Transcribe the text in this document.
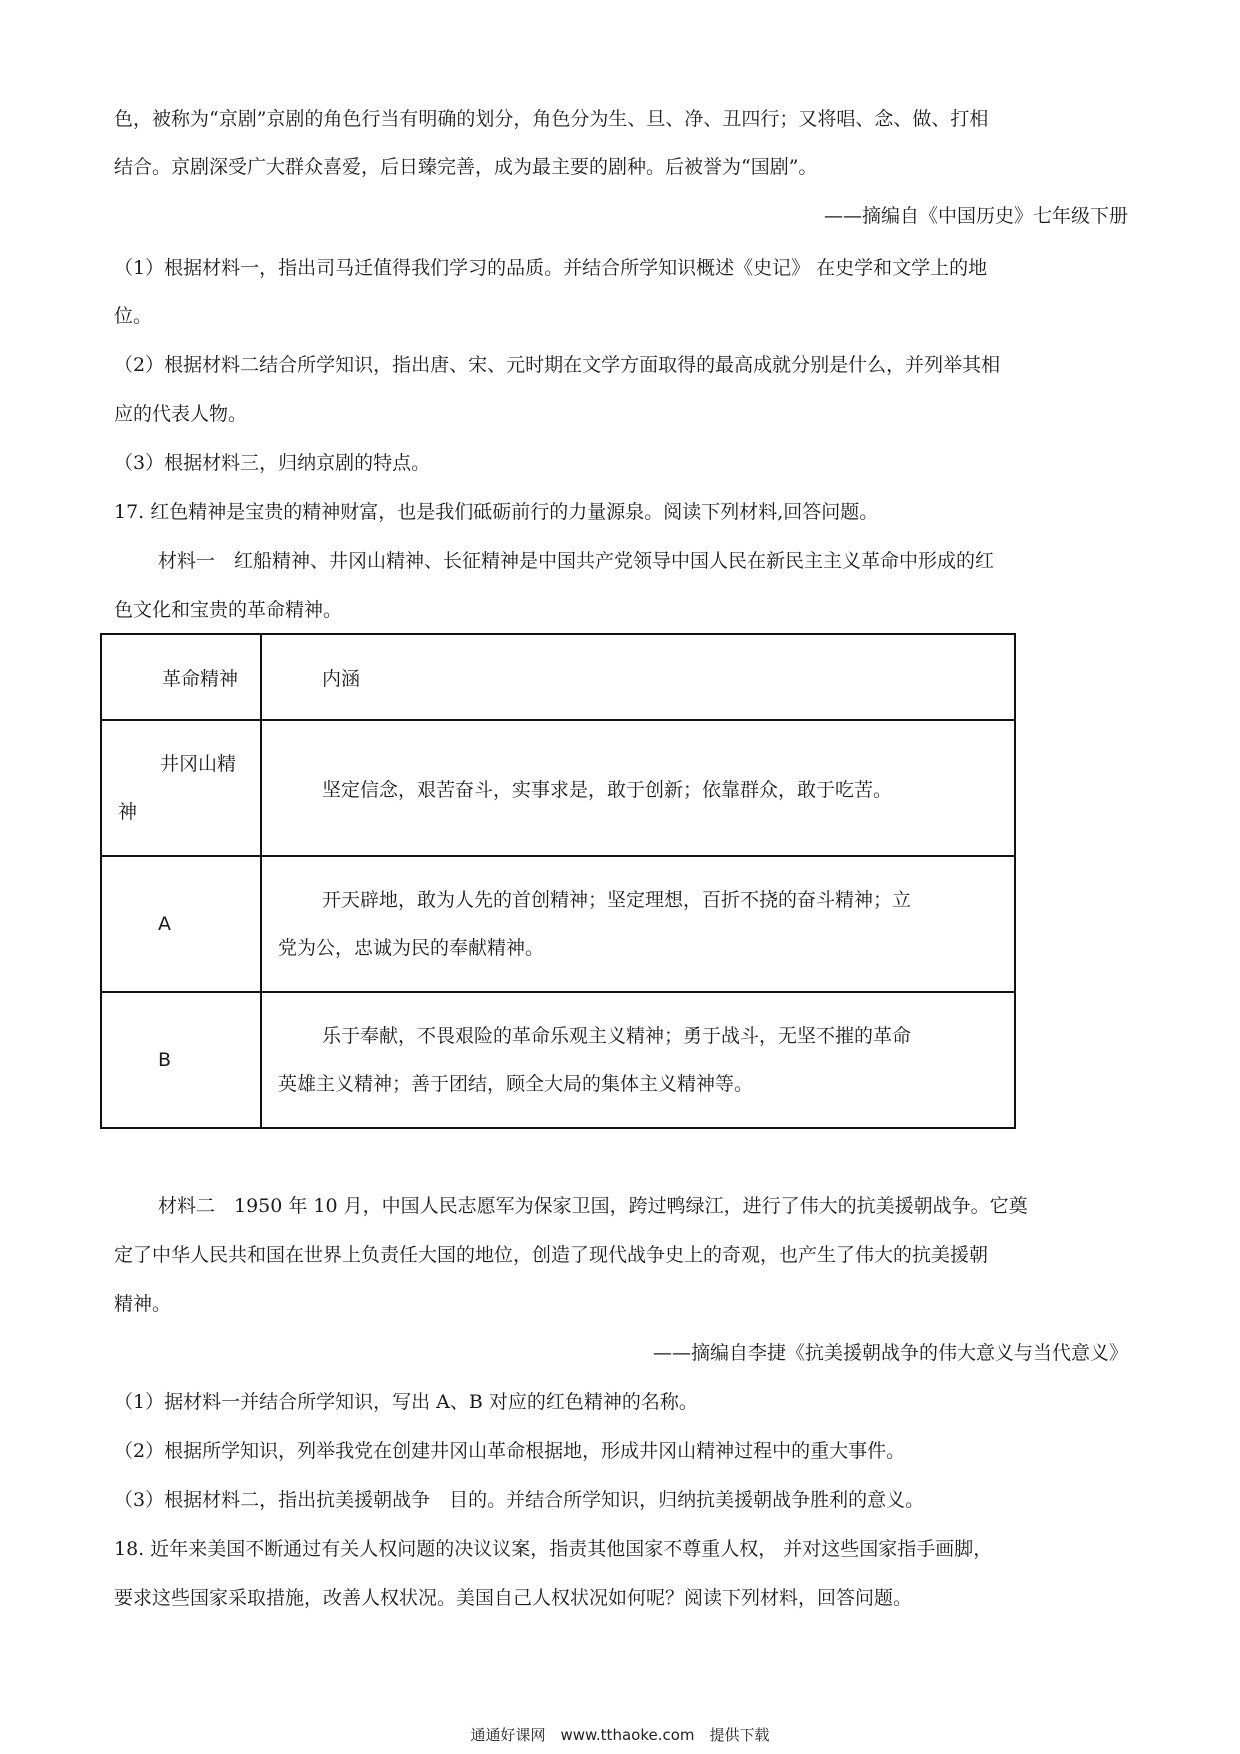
色，被称为“京剧”京剧的角色行当有明确的划分，角色分为生、旦、净、丑四行；又将唱、念、做、打相
结合。京剧深受广大群众喜爱，后日臻完善，成为最主要的剧种。后被誉为“国剧”。
——摘编自《中国历史》七年级下册
（1）根据材料一，指出司马迁值得我们学习的品质。并结合所学知识概述《史记》 在史学和文学上的地
位。
（2）根据材料二结合所学知识，指出唐、宋、元时期在文学方面取得的最高成就分别是什么，并列举其相
应的代表人物。
（3）根据材料三，归纳京剧的特点。
17. 红色精神是宝贵的精神财富，也是我们砥砺前行的力量源泉。阅读下列材料,回答问题。
材料一　红船精神、井冈山精神、长征精神是中国共产党领导中国人民在新民主主义革命中形成的红
色文化和宝贵的革命精神。
革命精神	内涵

井冈山精
神	坚定信念，艰苦奋斗，实事求是，敢于创新；依靠群众，敢于吃苦。

A	开天辟地，敢为人先的首创精神；坚定理想，百折不挠的奋斗精神；立
党为公，忠诚为民的奉献精神。

B	乐于奉献，不畏艰险的革命乐观主义精神；勇于战斗，无坚不摧的革命
英雄主义精神；善于团结，顾全大局的集体主义精神等。
材料二　1950 年 10 月，中国人民志愿军为保家卫国，跨过鸭绿江，进行了伟大的抗美援朝战争。它奠
定了中华人民共和国在世界上负责任大国的地位，创造了现代战争史上的奇观，也产生了伟大的抗美援朝
精神。
——摘编自李捷《抗美援朝战争的伟大意义与当代意义》
（1）据材料一并结合所学知识，写出 A、B 对应的红色精神的名称。
（2）根据所学知识，列举我党在创建井冈山革命根据地，形成井冈山精神过程中的重大事件。
（3）根据材料二，指出抗美援朝战争　目的。并结合所学知识，归纳抗美援朝战争胜利的意义。
18. 近年来美国不断通过有关人权问题的决议议案，指责其他国家不尊重人权， 并对这些国家指手画脚，
要求这些国家采取措施，改善人权状况。美国自己人权状况如何呢？阅读下列材料，回答问题。
通通好课网　www.tthaoke.com　提供下载
